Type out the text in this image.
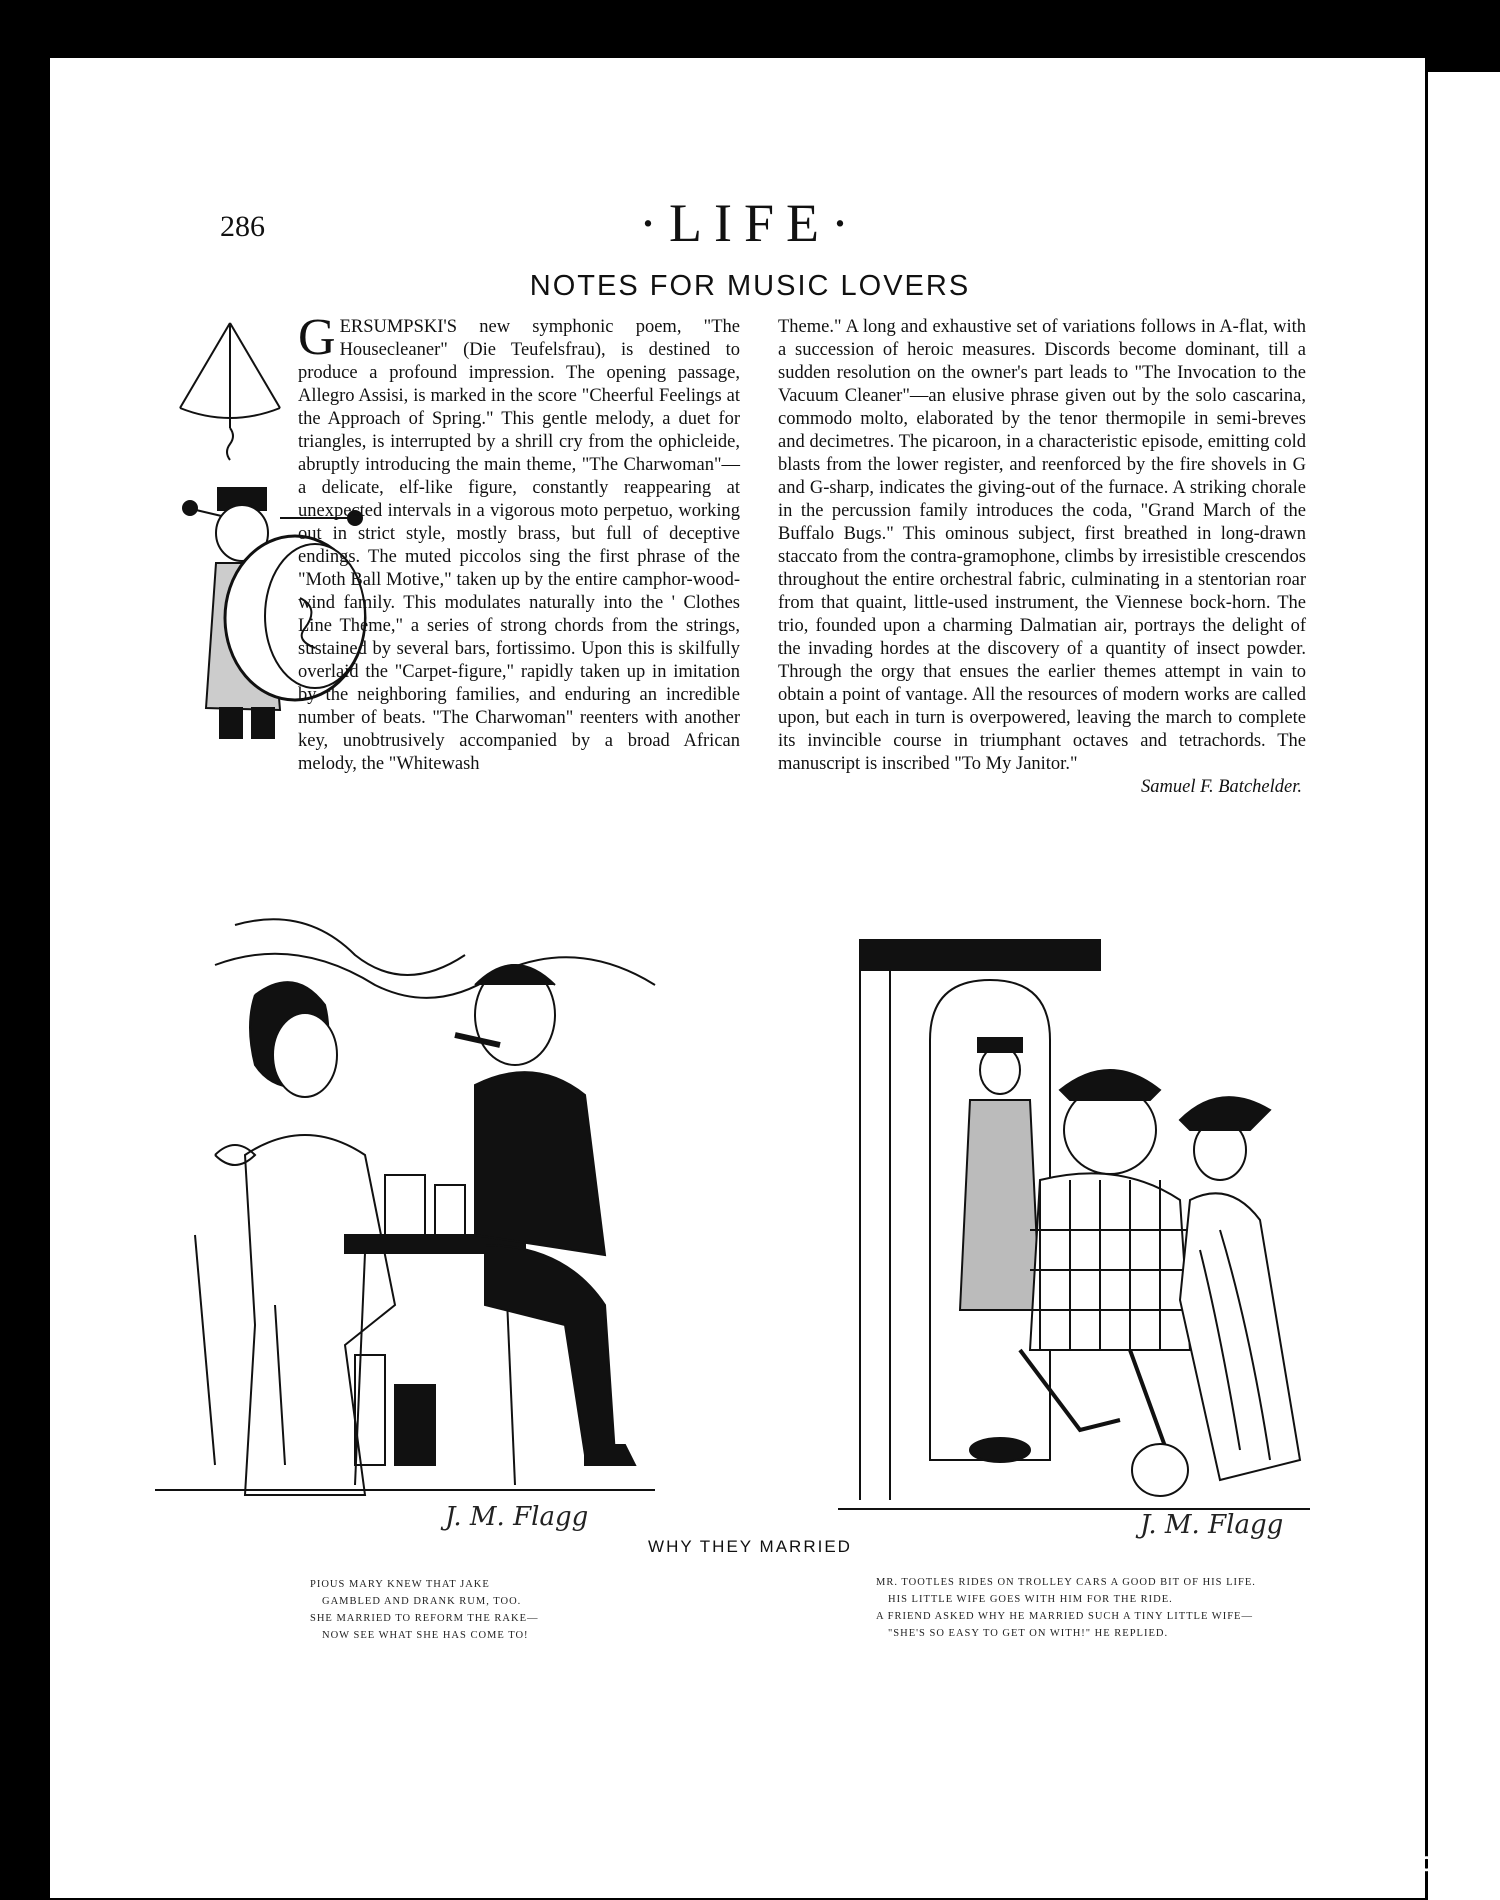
286	·LIFE·
NOTES FOR MUSIC LOVERS
G ERSUMPSKI'S new symphonic poem, "The Housecleaner" (Die Teufelsfrau), is destined to produce a profound impression. The opening passage, Allegro Assisi, is marked in the score "Cheerful Feelings at the Approach of Spring." This gentle melody, a duet for triangles, is interrupted by a shrill cry from the ophicleide, abruptly introducing the main theme, "The Charwoman"—a delicate, elf-like figure, constantly reappearing at unexpected intervals in a vigorous moto perpetuo, working out in strict style, mostly brass, but full of deceptive endings. The muted piccolos sing the first phrase of the "Moth Ball Motive," taken up by the entire camphor-wood-wind family. This modulates naturally into the ' Clothes Line Theme," a series of strong chords from the strings, sustained by several bars, fortissimo. Upon this is skilfully overlaid the "Carpet-figure," rapidly taken up in imitation by the neighboring families, and enduring an incredible number of beats. "The Charwoman" reenters with another key, unobtrusively accompanied by a broad African melody, the "Whitewash

Theme." A long and exhaustive set of variations follows in A-flat, with a succession of heroic measures. Discords become dominant, till a sudden resolution on the owner's part leads to "The Invocation to the Vacuum Cleaner"—an elusive phrase given out by the solo cascarina, commodo molto, elaborated by the tenor thermopile in semi-breves and decimetres. The picaroon, in a characteristic episode, emitting cold blasts from the lower register, and reenforced by the fire shovels in G and G-sharp, indicates the giving-out of the furnace. A striking chorale in the percussion family introduces the coda, "Grand March of the Buffalo Bugs." This ominous subject, first breathed in long-drawn staccato from the contra-gramophone, climbs by irresistible crescendos throughout the entire orchestral fabric, culminating in a stentorian roar from that quaint, little-used instrument, the Viennese bock-horn. The trio, founded upon a charming Dalmatian air, portrays the delight of the invading hordes at the discovery of a quantity of insect powder. Through the orgy that ensues the earlier themes attempt in vain to obtain a point of vantage. All the resources of modern works are called upon, but each in turn is overpowered, leaving the march to complete its invincible course in triumphant octaves and tetrachords. The manuscript is inscribed "To My Janitor."

Samuel F. Batchelder.

J. M. Flagg	J. M. Flagg
WHY THEY MARRIED
PIOUS MARY KNEW THAT JAKE
GAMBLED AND DRANK RUM, TOO.
SHE MARRIED TO REFORM THE RAKE—
NOW SEE WHAT SHE HAS COME TO!
MR. TOOTLES RIDES ON TROLLEY CARS A GOOD BIT OF HIS LIFE.
HIS LITTLE WIFE GOES WITH HIM FOR THE RIDE.
A FRIEND ASKED WHY HE MARRIED SUCH A TINY LITTLE WIFE—
"SHE'S SO EASY TO GET ON WITH!" HE REPLIED.
comicbooks.com
